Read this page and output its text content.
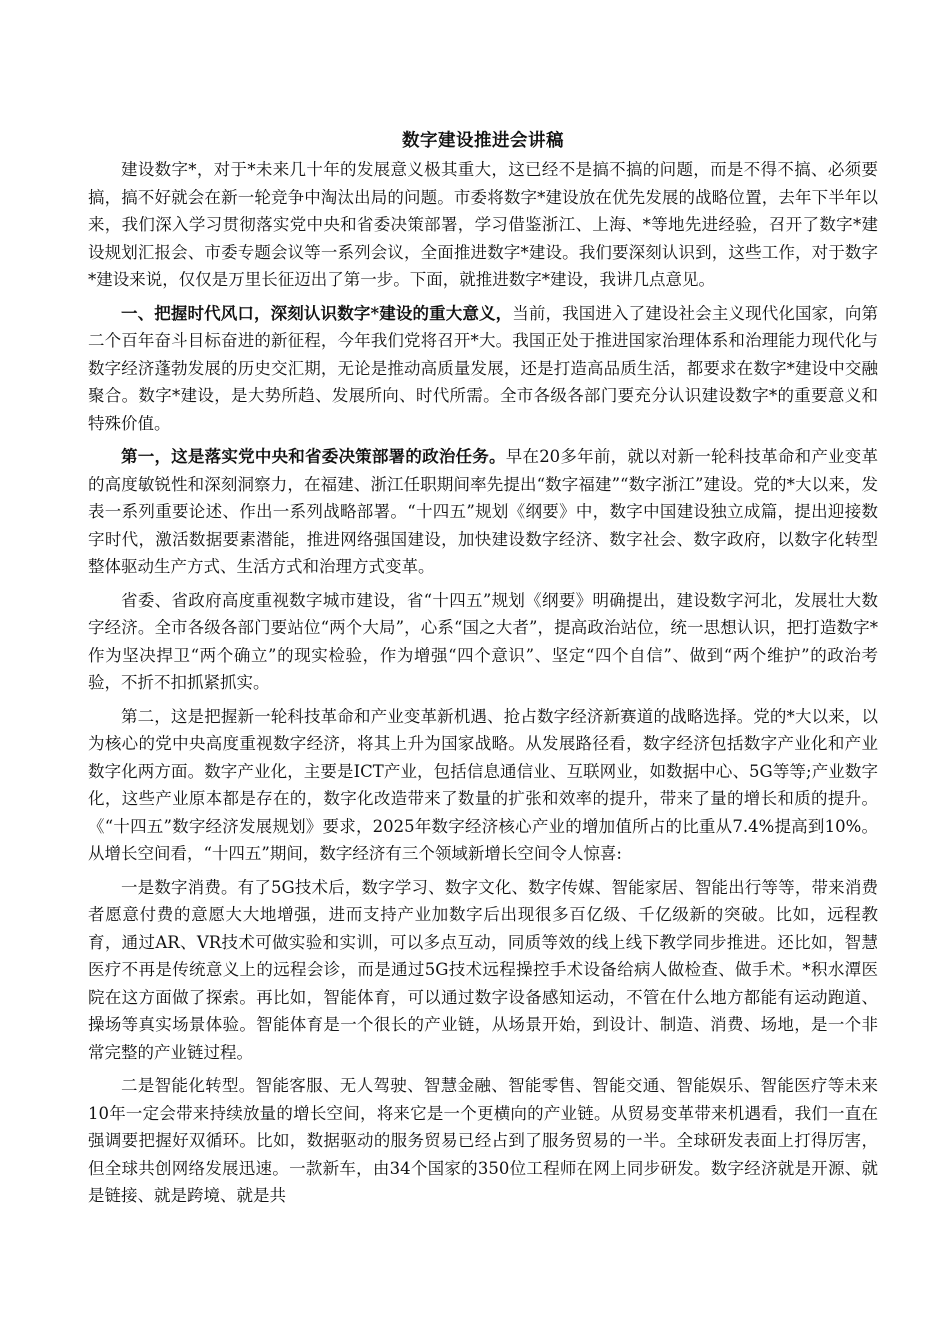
数字建设推进会讲稿

建设数字*，对于*未来几十年的发展意义极其重大，这已经不是搞不搞的问题，而是不得不搞、必须要搞，搞不好就会在新一轮竞争中淘汰出局的问题。市委将数字*建设放在优先发展的战略位置，去年下半年以来，我们深入学习贯彻落实党中央和省委决策部署，学习借鉴浙江、上海、*等地先进经验，召开了数字*建设规划汇报会、市委专题会议等一系列会议，全面推进数字*建设。我们要深刻认识到，这些工作，对于数字*建设来说，仅仅是万里长征迈出了第一步。下面，就推进数字*建设，我讲几点意见。

一、把握时代风口，深刻认识数字*建设的重大意义，当前，我国进入了建设社会主义现代化国家，向第二个百年奋斗目标奋进的新征程，今年我们党将召开*大。我国正处于推进国家治理体系和治理能力现代化与数字经济蓬勃发展的历史交汇期，无论是推动高质量发展，还是打造高品质生活，都要求在数字*建设中交融聚合。数字*建设，是大势所趋、发展所向、时代所需。全市各级各部门要充分认识建设数字*的重要意义和特殊价值。

第一，这是落实党中央和省委决策部署的政治任务。早在20多年前，就以对新一轮科技革命和产业变革的高度敏锐性和深刻洞察力，在福建、浙江任职期间率先提出“数字福建”“数字浙江”建设。党的*大以来，发表一系列重要论述、作出一系列战略部署。“十四五”规划《纲要》中，数字中国建设独立成篇，提出迎接数字时代，激活数据要素潜能，推进网络强国建设，加快建设数字经济、数字社会、数字政府，以数字化转型整体驱动生产方式、生活方式和治理方式变革。

省委、省政府高度重视数字城市建设，省“十四五”规划《纲要》明确提出，建设数字河北，发展壮大数字经济。全市各级各部门要站位“两个大局”，心系“国之大者”，提高政治站位，统一思想认识，把打造数字*作为坚决捍卫“两个确立”的现实检验，作为增强“四个意识”、坚定“四个自信”、做到“两个维护”的政治考验，不折不扣抓紧抓实。

第二，这是把握新一轮科技革命和产业变革新机遇、抢占数字经济新赛道的战略选择。党的*大以来，以为核心的党中央高度重视数字经济，将其上升为国家战略。从发展路径看，数字经济包括数字产业化和产业数字化两方面。数字产业化，主要是ICT产业，包括信息通信业、互联网业，如数据中心、5G等等;产业数字化，这些产业原本都是存在的，数字化改造带来了数量的扩张和效率的提升，带来了量的增长和质的提升。《“十四五”数字经济发展规划》要求，2025年数字经济核心产业的增加值所占的比重从7.4%提高到10%。从增长空间看，“十四五”期间，数字经济有三个领域新增长空间令人惊喜:

一是数字消费。有了5G技术后，数字学习、数字文化、数字传媒、智能家居、智能出行等等，带来消费者愿意付费的意愿大大地增强，进而支持产业加数字后出现很多百亿级、千亿级新的突破。比如，远程教育，通过AR、VR技术可做实验和实训，可以多点互动，同质等效的线上线下教学同步推进。还比如，智慧医疗不再是传统意义上的远程会诊，而是通过5G技术远程操控手术设备给病人做检查、做手术。*积水潭医院在这方面做了探索。再比如，智能体育，可以通过数字设备感知运动，不管在什么地方都能有运动跑道、操场等真实场景体验。智能体育是一个很长的产业链，从场景开始，到设计、制造、消费、场地，是一个非常完整的产业链过程。

二是智能化转型。智能客服、无人驾驶、智慧金融、智能零售、智能交通、智能娱乐、智能医疗等未来10年一定会带来持续放量的增长空间，将来它是一个更横向的产业链。从贸易变革带来机遇看，我们一直在强调要把握好双循环。比如，数据驱动的服务贸易已经占到了服务贸易的一半。全球研发表面上打得厉害，但全球共创网络发展迅速。一款新车，由34个国家的350位工程师在网上同步研发。数字经济就是开源、就是链接、就是跨境、就是共
